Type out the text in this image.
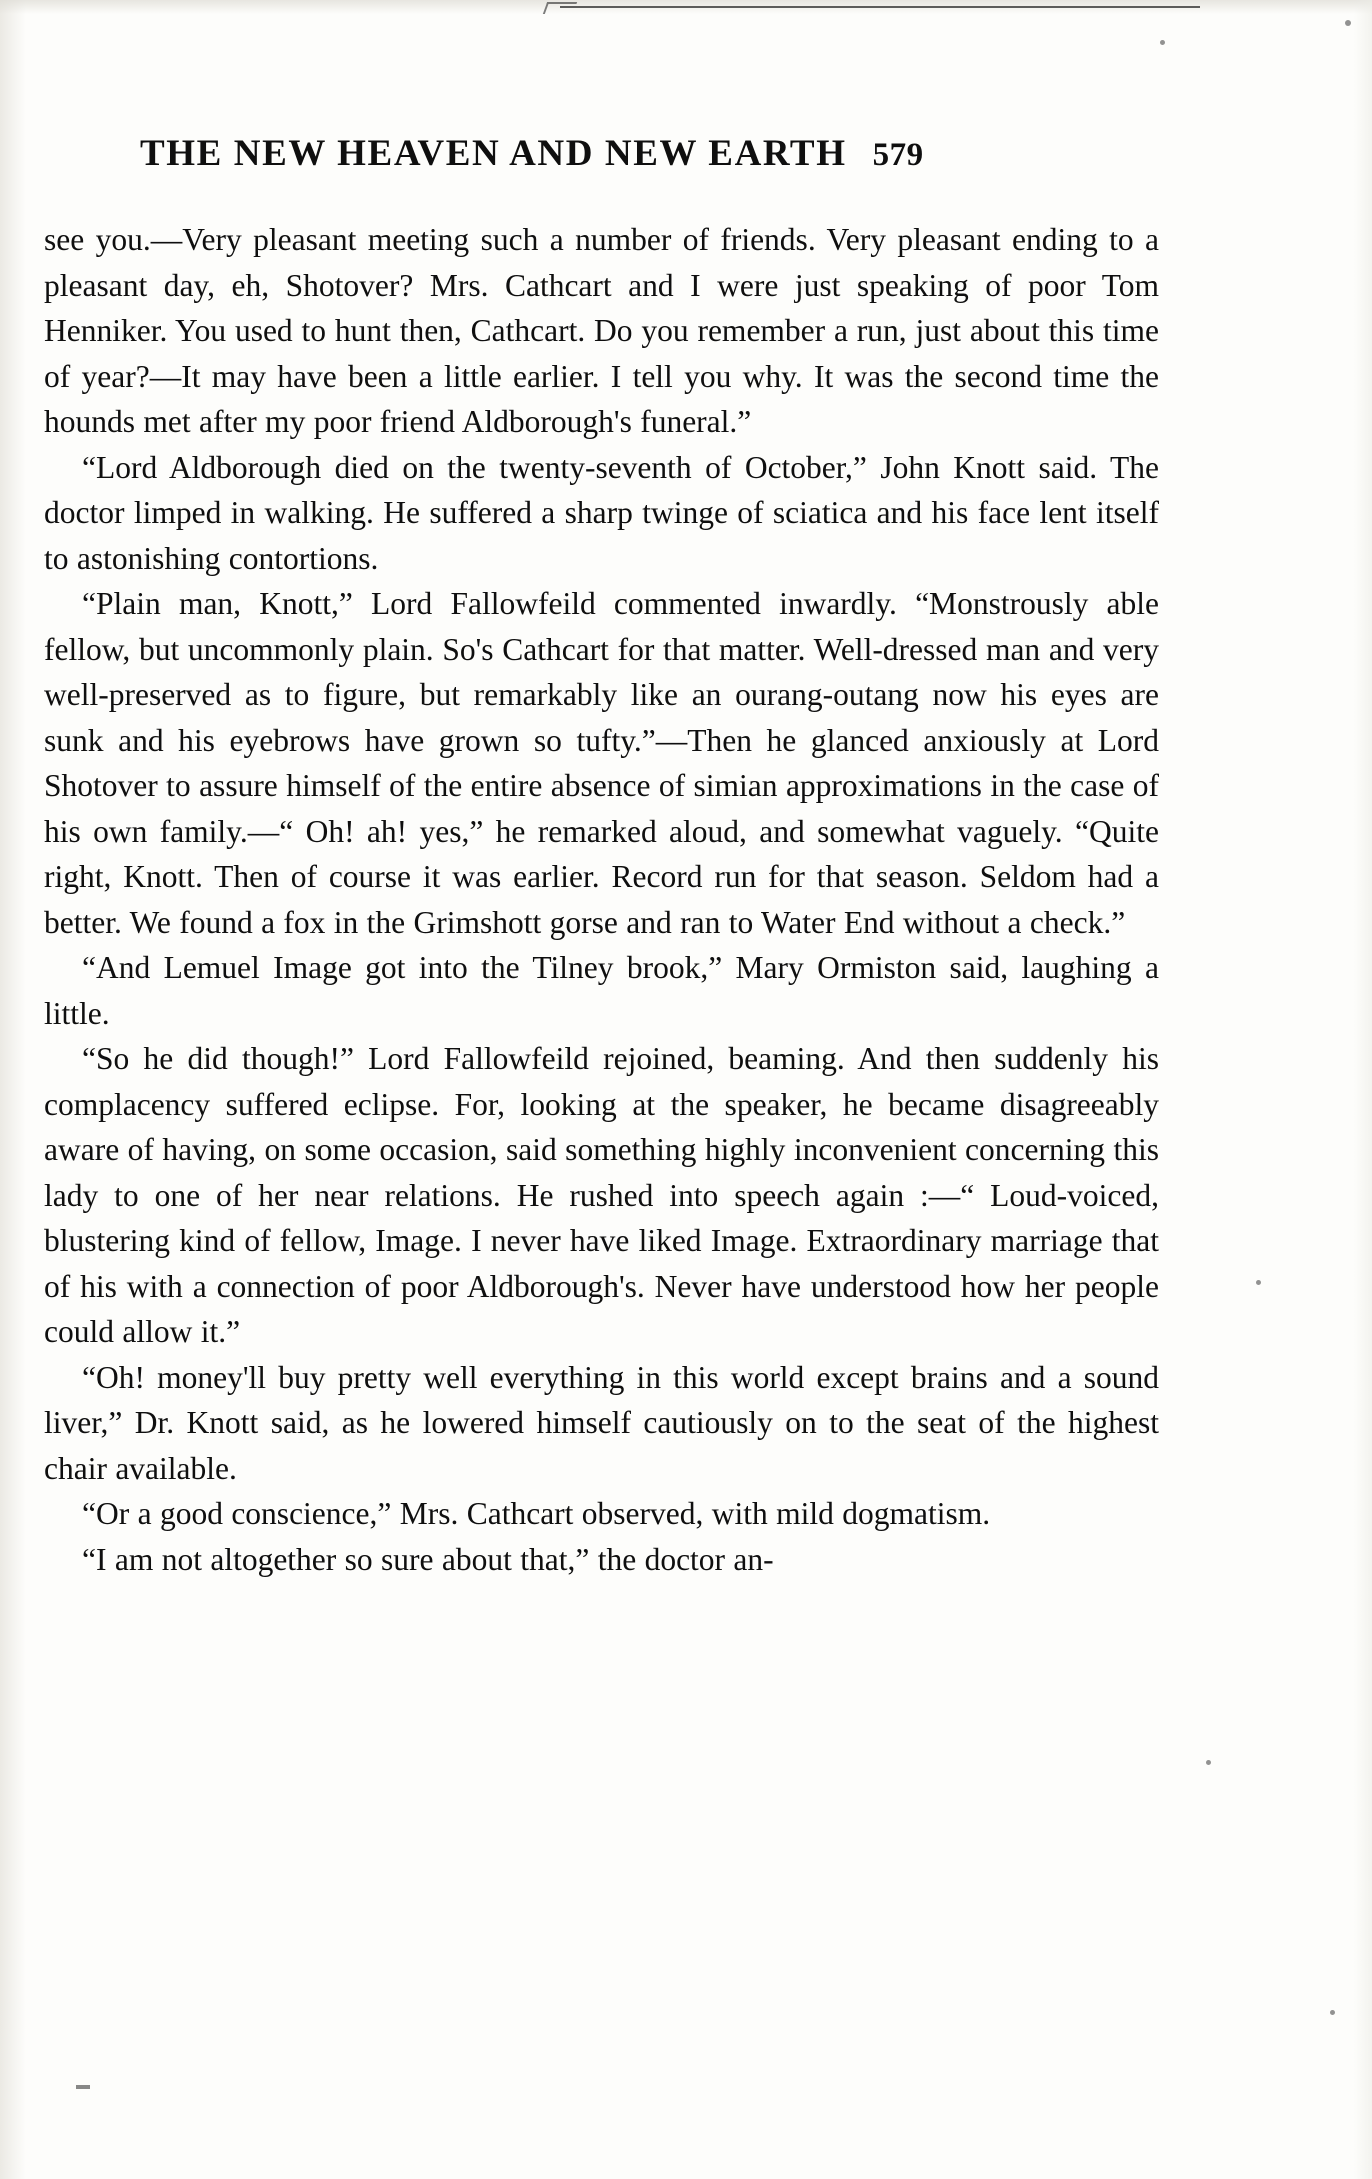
THE NEW HEAVEN AND NEW EARTH 579

see you.—Very pleasant meeting such a number of friends. Very pleasant ending to a pleasant day, eh, Shotover? Mrs. Cathcart and I were just speaking of poor Tom Henniker. You used to hunt then, Cathcart. Do you remember a run, just about this time of year?—It may have been a little earlier. I tell you why. It was the second time the hounds met after my poor friend Aldborough's funeral.”

“Lord Aldborough died on the twenty-seventh of October,” John Knott said. The doctor limped in walking. He suffered a sharp twinge of sciatica and his face lent itself to astonishing contortions.

“Plain man, Knott,” Lord Fallowfeild commented inwardly. “Monstrously able fellow, but uncommonly plain. So's Cathcart for that matter. Well-dressed man and very well-preserved as to figure, but remarkably like an ourang-outang now his eyes are sunk and his eyebrows have grown so tufty.”—Then he glanced anxiously at Lord Shotover to assure himself of the entire absence of simian approximations in the case of his own family.—“ Oh! ah! yes,” he remarked aloud, and somewhat vaguely. “Quite right, Knott. Then of course it was earlier. Record run for that season. Seldom had a better. We found a fox in the Grimshott gorse and ran to Water End without a check.”

“And Lemuel Image got into the Tilney brook,” Mary Ormiston said, laughing a little.

“So he did though!” Lord Fallowfeild rejoined, beaming. And then suddenly his complacency suffered eclipse. For, looking at the speaker, he became disagreeably aware of having, on some occasion, said something highly inconvenient concerning this lady to one of her near relations. He rushed into speech again :—“ Loud-voiced, blustering kind of fellow, Image. I never have liked Image. Extraordinary marriage that of his with a connection of poor Aldborough's. Never have understood how her people could allow it.”

“Oh! money'll buy pretty well everything in this world except brains and a sound liver,” Dr. Knott said, as he lowered himself cautiously on to the seat of the highest chair available.

“Or a good conscience,” Mrs. Cathcart observed, with mild dogmatism.

“I am not altogether so sure about that,” the doctor an-
